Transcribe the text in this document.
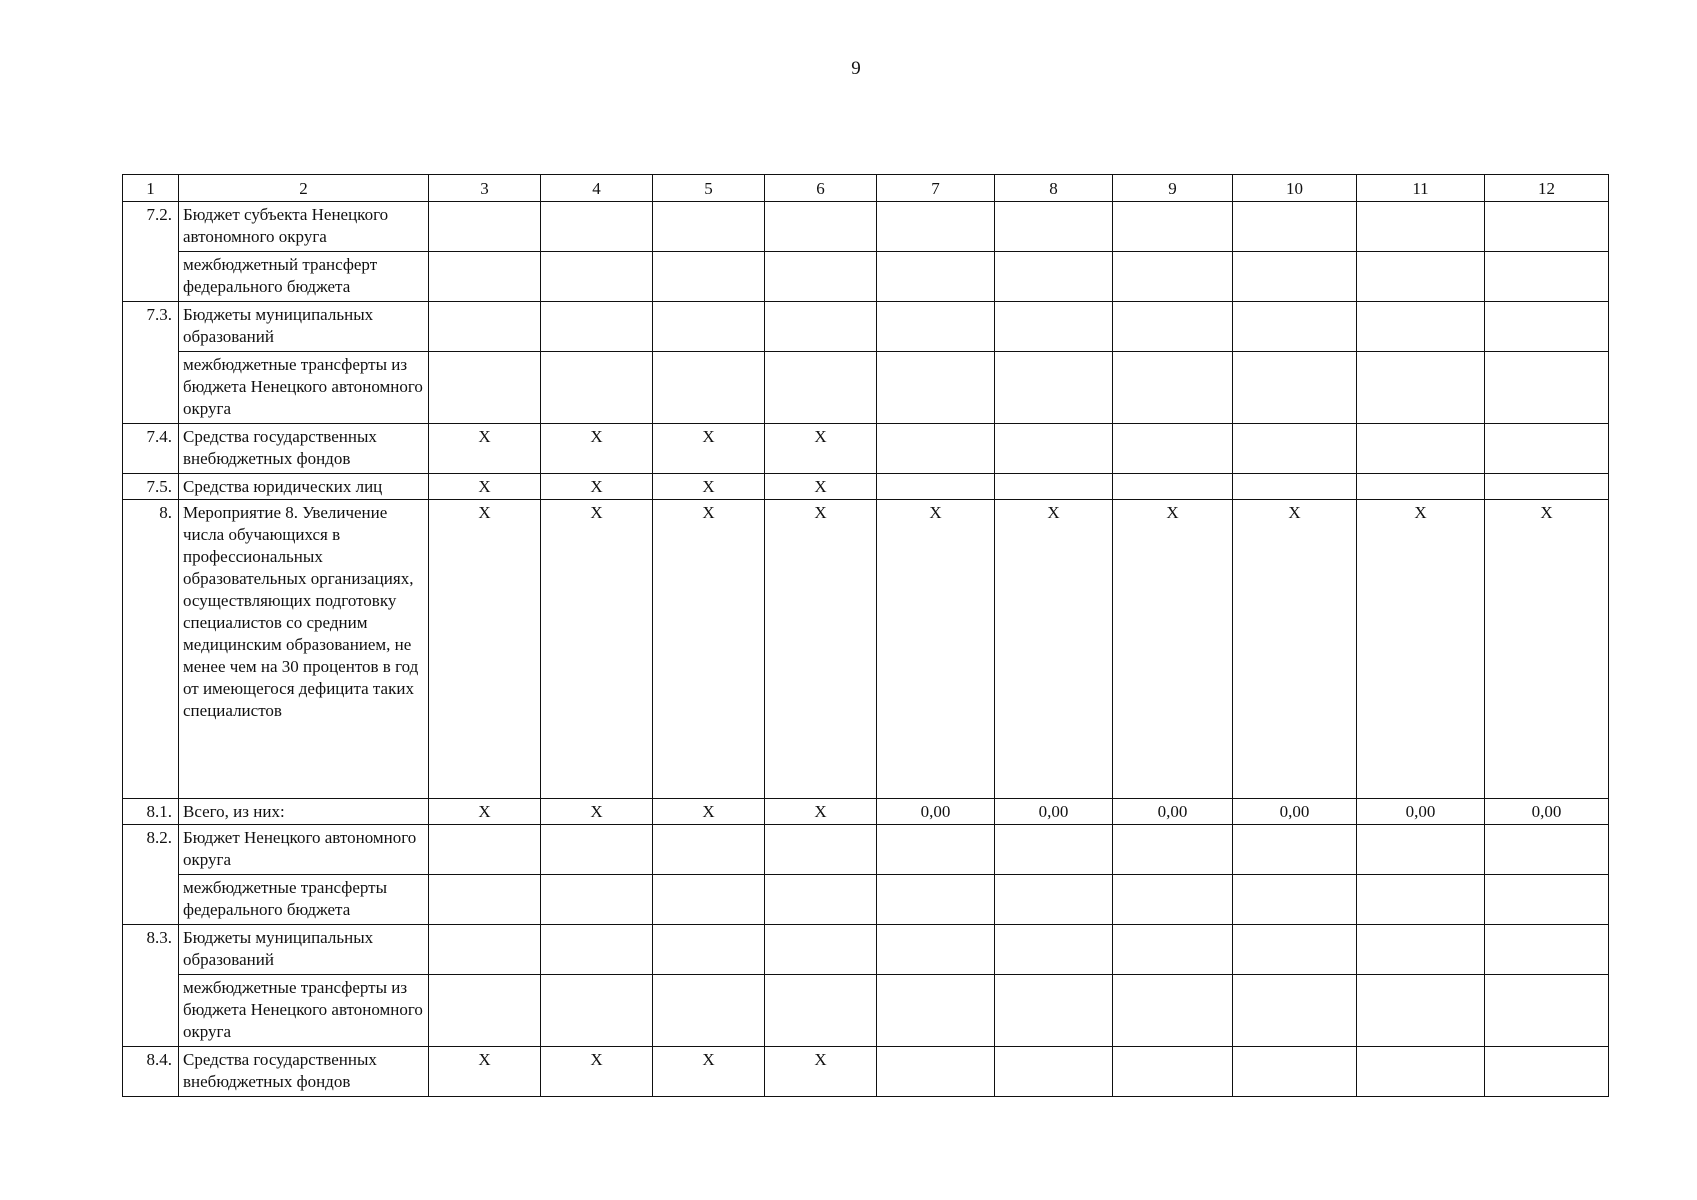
9
1	2	3	4	5	6	7	8	9	10	11	12
7.2.	Бюджет субъекта Ненецкого автономного округа										
	межбюджетный трансферт федерального бюджета										
7.3.	Бюджеты муниципальных образований										
	межбюджетные трансферты из бюджета Ненецкого автономного округа										
7.4.	Средства государственных внебюджетных фондов	X	X	X	X						
7.5.	Средства юридических лиц	X	X	X	X						
8.	Мероприятие 8. Увеличение числа обучающихся в профессиональных образовательных организациях, осуществляющих подготовку специалистов со средним медицинским образованием, не менее чем на 30 процентов в год от имеющегося дефицита таких специалистов	X	X	X	X	X	X	X	X	X	X
8.1.	Всего, из них:	X	X	X	X	0,00	0,00	0,00	0,00	0,00	0,00
8.2.	Бюджет Ненецкого автономного округа										
	межбюджетные трансферты федерального бюджета										
8.3.	Бюджеты муниципальных образований										
	межбюджетные трансферты из бюджета Ненецкого автономного округа										
8.4.	Средства государственных внебюджетных фондов	X	X	X	X						
